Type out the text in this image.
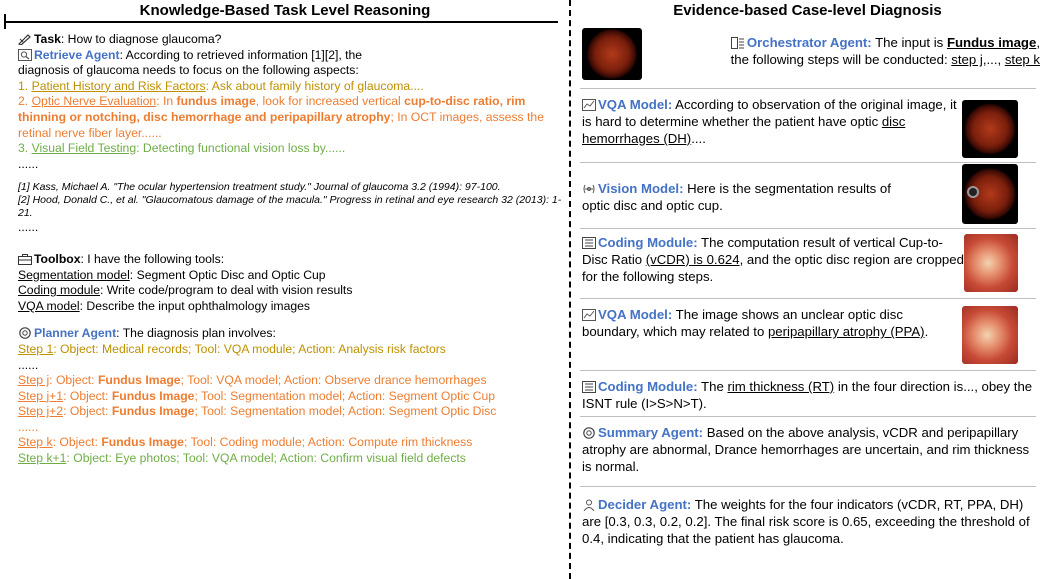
Knowledge-Based Task Level Reasoning	Evidence-based Case-level Diagnosis

Task: How to diagnose glaucoma?

Retrieve Agent: According to retrieved information [1][2], the

diagnosis of glaucoma needs to focus on the following aspects:

1. Patient History and Risk Factors: Ask about family history of glaucoma....

2. Optic Nerve Evaluation: In fundus image, look for increased vertical cup-to-disc ratio, rim thinning or notching, disc hemorrhage and peripapillary atrophy; In OCT images, assess the retinal nerve fiber layer......

3. Visual Field Testing: Detecting functional vision loss by......

......

[1] Kass, Michael A. "The ocular hypertension treatment study." Journal of glaucoma 3.2 (1994): 97-100.

[2] Hood, Donald C., et al. "Glaucomatous damage of the macula." Progress in retinal and eye research 32 (2013): 1-21.

......

Toolbox: I have the following tools:

Segmentation model: Segment Optic Disc and Optic Cup

Coding module: Write code/program to deal with vision results

VQA model: Describe the input ophthalmology images

Planner Agent: The diagnosis plan involves:

Step 1: Object: Medical records; Tool: VQA module; Action: Analysis risk factors

......

Step j: Object: Fundus Image; Tool: VQA model; Action: Observe drance hemorrhages

Step j+1: Object: Fundus Image; Tool: Segmentation model; Action: Segment Optic Cup

Step j+2: Object: Fundus Image; Tool: Segmentation model; Action: Segment Optic Disc

......

Step k: Object: Fundus Image; Tool: Coding module; Action: Compute rim thickness

Step k+1: Object: Eye photos; Tool: VQA model; Action: Confirm visual field defects

Orchestrator Agent: The input is Fundus image,

the following steps will be conducted: step j,..., step k

VQA Model: According to observation of the original image, it is hard to determine whether the patient have optic disc hemorrhages (DH)....
Vision Model: Here is the segmentation results of optic disc and optic cup.
Coding Module: The computation result of vertical Cup-to-Disc Ratio (vCDR) is 0.624, and the optic disc region are cropped for the following steps.
VQA Model: The image shows an unclear optic disc boundary, which may related to peripapillary atrophy (PPA).
Coding Module: The rim thickness (RT) in the four direction is..., obey the ISNT rule (I>S>N>T).
Summary Agent: Based on the above analysis, vCDR and peripapillary atrophy are abnormal, Drance hemorrhages are uncertain, and rim thickness is normal.
Decider Agent: The weights for the four indicators (vCDR, RT, PPA, DH) are [0.3, 0.3, 0.2, 0.2]. The final risk score is 0.65, exceeding the threshold of 0.4, indicating that the patient has glaucoma.
